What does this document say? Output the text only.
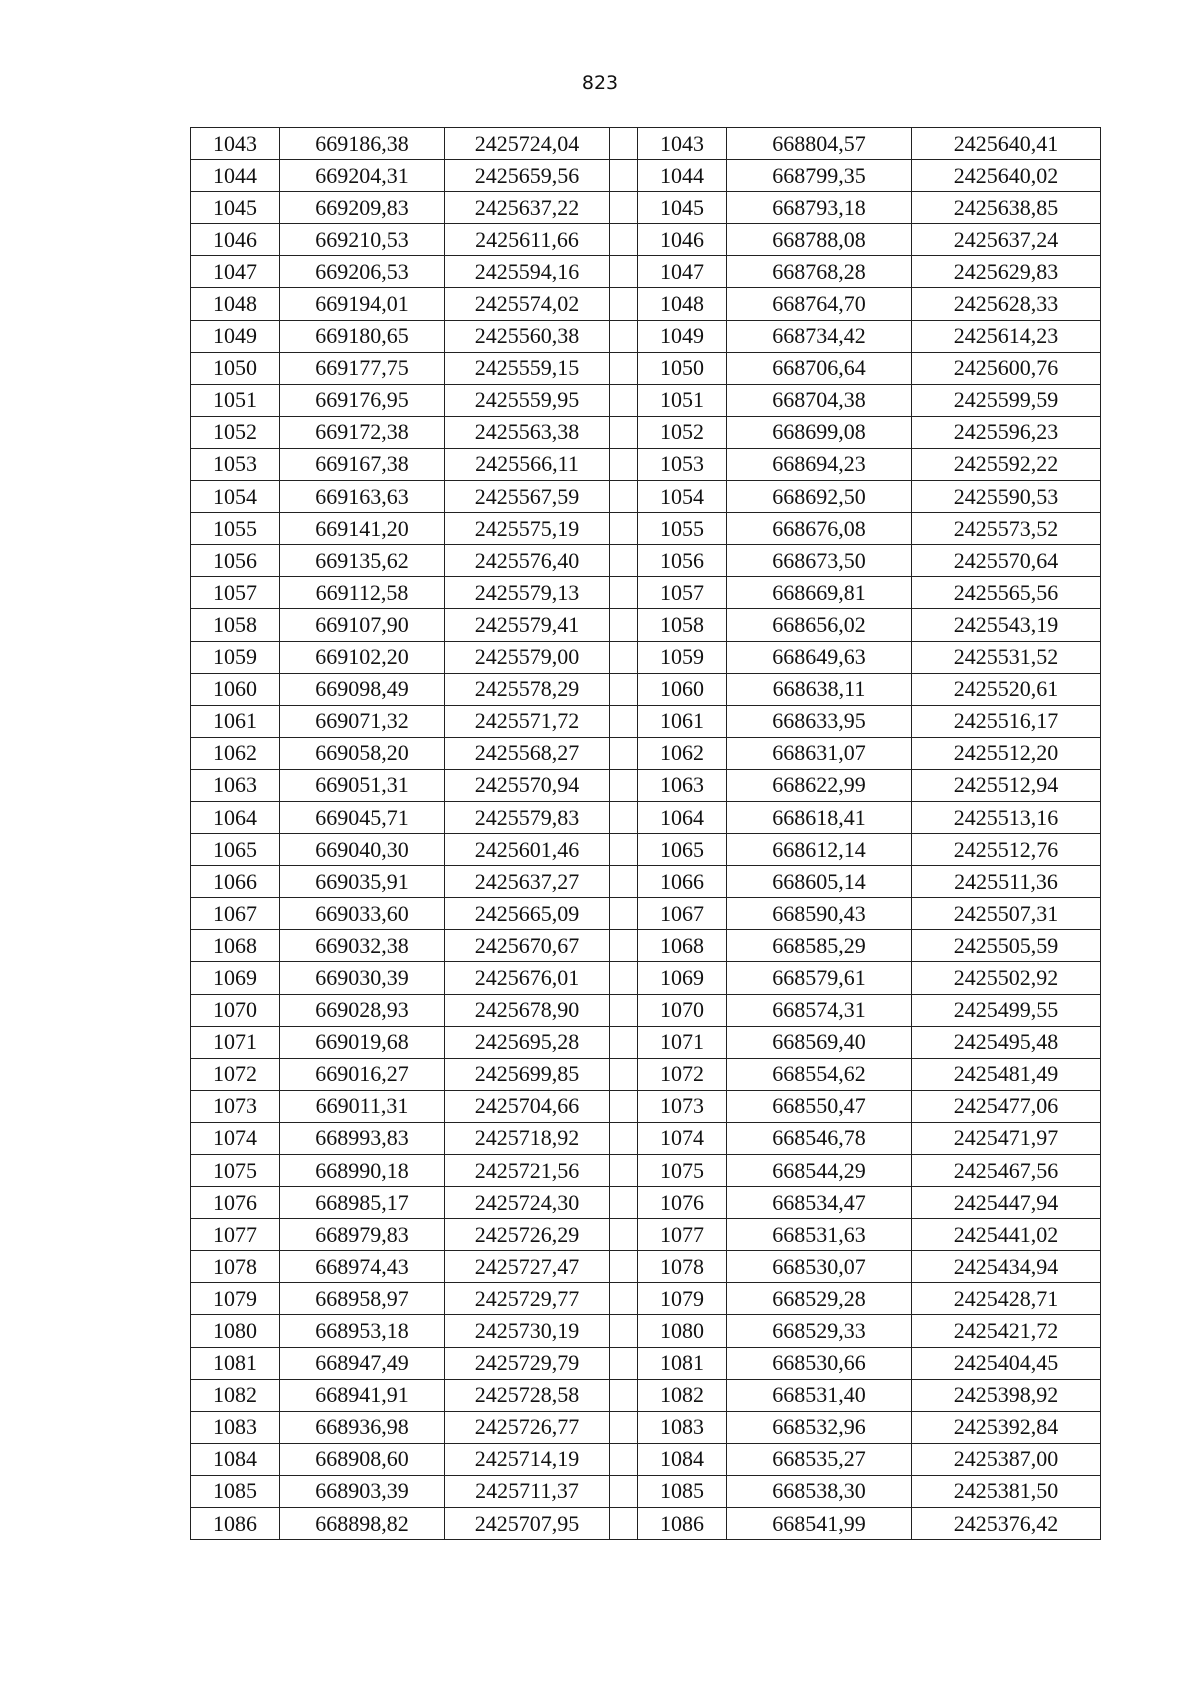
823
1043	669186,38	2425724,04		1043	668804,57	2425640,41
1044	669204,31	2425659,56		1044	668799,35	2425640,02
1045	669209,83	2425637,22		1045	668793,18	2425638,85
1046	669210,53	2425611,66		1046	668788,08	2425637,24
1047	669206,53	2425594,16		1047	668768,28	2425629,83
1048	669194,01	2425574,02		1048	668764,70	2425628,33
1049	669180,65	2425560,38		1049	668734,42	2425614,23
1050	669177,75	2425559,15		1050	668706,64	2425600,76
1051	669176,95	2425559,95		1051	668704,38	2425599,59
1052	669172,38	2425563,38		1052	668699,08	2425596,23
1053	669167,38	2425566,11		1053	668694,23	2425592,22
1054	669163,63	2425567,59		1054	668692,50	2425590,53
1055	669141,20	2425575,19		1055	668676,08	2425573,52
1056	669135,62	2425576,40		1056	668673,50	2425570,64
1057	669112,58	2425579,13		1057	668669,81	2425565,56
1058	669107,90	2425579,41		1058	668656,02	2425543,19
1059	669102,20	2425579,00		1059	668649,63	2425531,52
1060	669098,49	2425578,29		1060	668638,11	2425520,61
1061	669071,32	2425571,72		1061	668633,95	2425516,17
1062	669058,20	2425568,27		1062	668631,07	2425512,20
1063	669051,31	2425570,94		1063	668622,99	2425512,94
1064	669045,71	2425579,83		1064	668618,41	2425513,16
1065	669040,30	2425601,46		1065	668612,14	2425512,76
1066	669035,91	2425637,27		1066	668605,14	2425511,36
1067	669033,60	2425665,09		1067	668590,43	2425507,31
1068	669032,38	2425670,67		1068	668585,29	2425505,59
1069	669030,39	2425676,01		1069	668579,61	2425502,92
1070	669028,93	2425678,90		1070	668574,31	2425499,55
1071	669019,68	2425695,28		1071	668569,40	2425495,48
1072	669016,27	2425699,85		1072	668554,62	2425481,49
1073	669011,31	2425704,66		1073	668550,47	2425477,06
1074	668993,83	2425718,92		1074	668546,78	2425471,97
1075	668990,18	2425721,56		1075	668544,29	2425467,56
1076	668985,17	2425724,30		1076	668534,47	2425447,94
1077	668979,83	2425726,29		1077	668531,63	2425441,02
1078	668974,43	2425727,47		1078	668530,07	2425434,94
1079	668958,97	2425729,77		1079	668529,28	2425428,71
1080	668953,18	2425730,19		1080	668529,33	2425421,72
1081	668947,49	2425729,79		1081	668530,66	2425404,45
1082	668941,91	2425728,58		1082	668531,40	2425398,92
1083	668936,98	2425726,77		1083	668532,96	2425392,84
1084	668908,60	2425714,19		1084	668535,27	2425387,00
1085	668903,39	2425711,37		1085	668538,30	2425381,50
1086	668898,82	2425707,95		1086	668541,99	2425376,42
